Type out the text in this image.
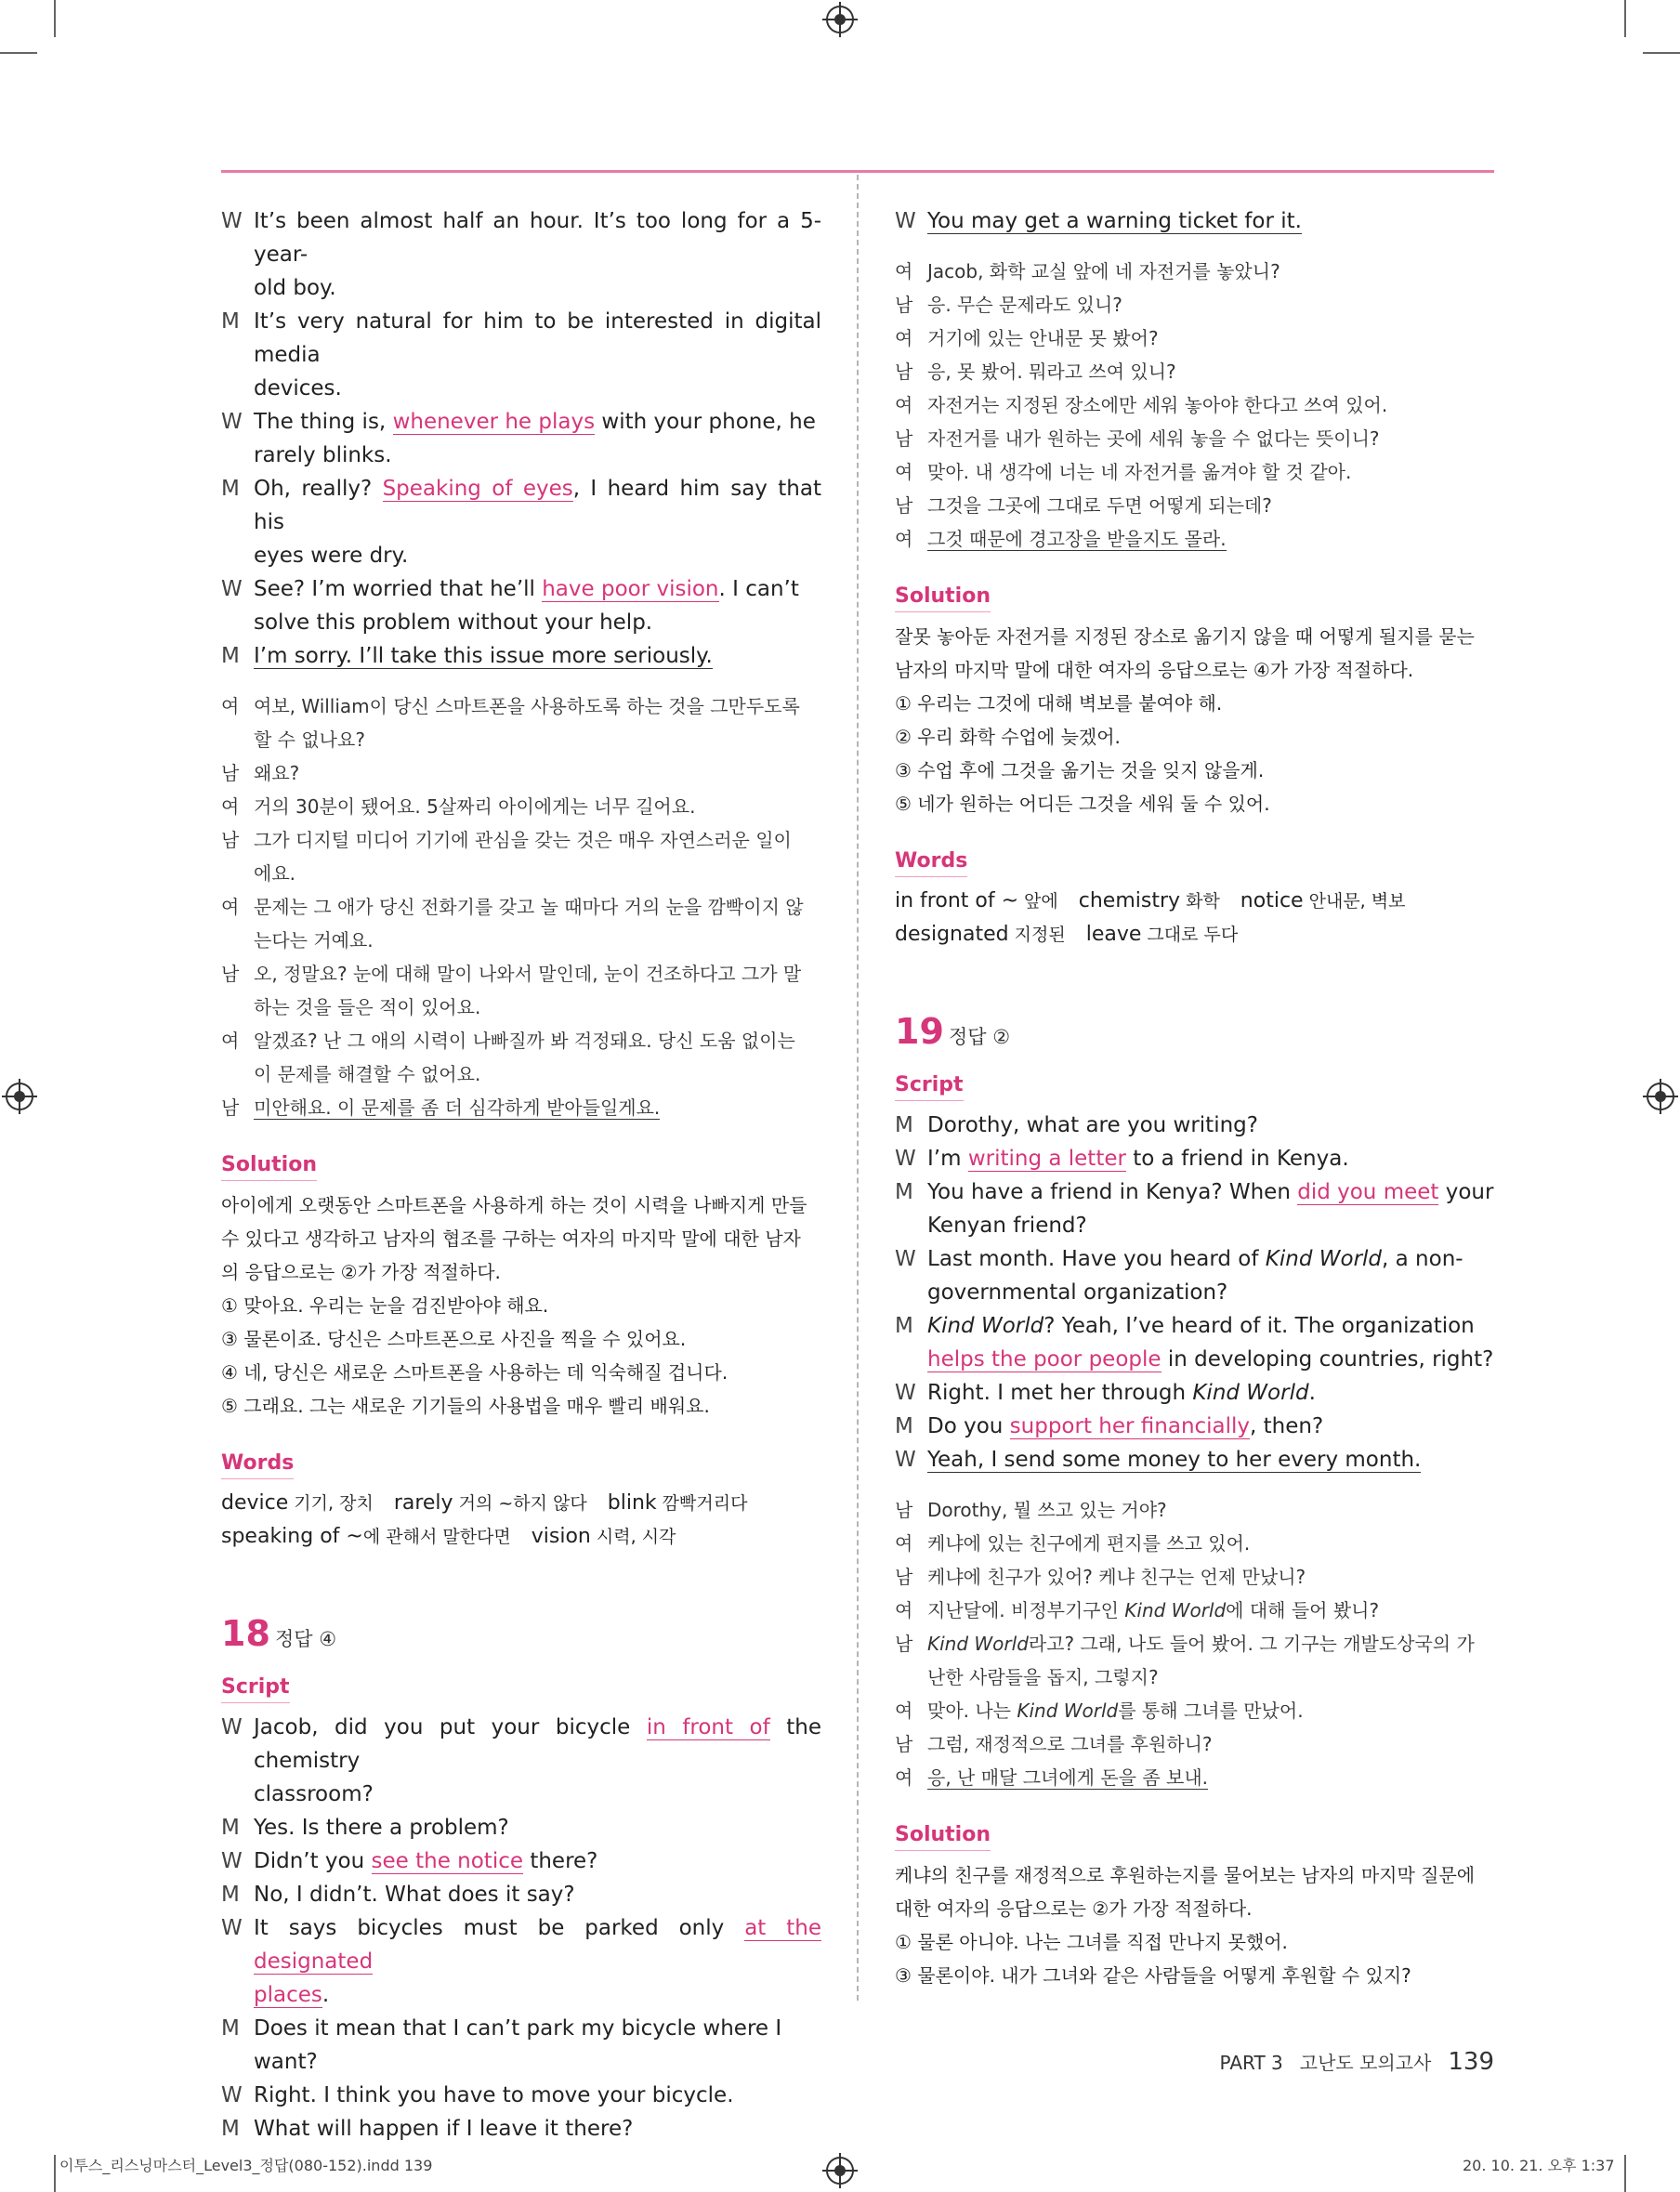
W It’s been almost half an hour. It’s too long for a 5-year-
old boy.
M It’s very natural for him to be interested in digital media
devices.
W The thing is, whenever he plays with your phone, he
rarely blinks.
M Oh, really? Speaking of eyes, I heard him say that his
eyes were dry.
W See? I’m worried that he’ll have poor vision. I can’t
solve this problem without your help.
M I’m sorry. I’ll take this issue more seriously.
여 여보, William이 당신 스마트폰을 사용하도록 하는 것을 그만두도록
할 수 없나요?
남 왜요?
여 거의 30분이 됐어요. 5살짜리 아이에게는 너무 길어요.
남 그가 디지털 미디어 기기에 관심을 갖는 것은 매우 자연스러운 일이
에요.
여 문제는 그 애가 당신 전화기를 갖고 놀 때마다 거의 눈을 깜빡이지 않
는다는 거예요.
남 오, 정말요? 눈에 대해 말이 나와서 말인데, 눈이 건조하다고 그가 말
하는 것을 들은 적이 있어요.
여 알겠죠? 난 그 애의 시력이 나빠질까 봐 걱정돼요. 당신 도움 없이는
이 문제를 해결할 수 없어요.
남 미안해요. 이 문제를 좀 더 심각하게 받아들일게요.
Solution
아이에게 오랫동안 스마트폰을 사용하게 하는 것이 시력을 나빠지게 만들
수 있다고 생각하고 남자의 협조를 구하는 여자의 마지막 말에 대한 남자
의 응답으로는 ②가 가장 적절하다.
① 맞아요. 우리는 눈을 검진받아야 해요.
③ 물론이죠. 당신은 스마트폰으로 사진을 찍을 수 있어요.
④ 네, 당신은 새로운 스마트폰을 사용하는 데 익숙해질 겁니다.
⑤ 그래요. 그는 새로운 기기들의 사용법을 매우 빨리 배워요.
Words
device 기기, 장치  rarely 거의 ~하지 않다  blink 깜빡거리다
speaking of ~에 관해서 말한다면  vision 시력, 시각
18 정답 ④
Script
W Jacob, did you put your bicycle in front of the chemistry
classroom?
M Yes. Is there a problem?
W Didn’t you see the notice there?
M No, I didn’t. What does it say?
W It says bicycles must be parked only at the designated
places.
M Does it mean that I can’t park my bicycle where I
want?
W Right. I think you have to move your bicycle.
M What will happen if I leave it there?
W You may get a warning ticket for it.
여 Jacob, 화학 교실 앞에 네 자전거를 놓았니?
남 응. 무슨 문제라도 있니?
여 거기에 있는 안내문 못 봤어?
남 응, 못 봤어. 뭐라고 쓰여 있니?
여 자전거는 지정된 장소에만 세워 놓아야 한다고 쓰여 있어.
남 자전거를 내가 원하는 곳에 세워 놓을 수 없다는 뜻이니?
여 맞아. 내 생각에 너는 네 자전거를 옮겨야 할 것 같아.
남 그것을 그곳에 그대로 두면 어떻게 되는데?
여 그것 때문에 경고장을 받을지도 몰라.
Solution
잘못 놓아둔 자전거를 지정된 장소로 옮기지 않을 때 어떻게 될지를 묻는
남자의 마지막 말에 대한 여자의 응답으로는 ④가 가장 적절하다.
① 우리는 그것에 대해 벽보를 붙여야 해.
② 우리 화학 수업에 늦겠어.
③ 수업 후에 그것을 옮기는 것을 잊지 않을게.
⑤ 네가 원하는 어디든 그것을 세워 둘 수 있어.
Words
in front of ~ 앞에  chemistry 화학  notice 안내문, 벽보
designated 지정된  leave 그대로 두다
19 정답 ②
Script
M Dorothy, what are you writing?
W I’m writing a letter to a friend in Kenya.
M You have a friend in Kenya? When did you meet your
Kenyan friend?
W Last month. Have you heard of Kind World, a non-
governmental organization?
M Kind World? Yeah, I’ve heard of it. The organization
helps the poor people in developing countries, right?
W Right. I met her through Kind World.
M Do you support her financially, then?
W Yeah, I send some money to her every month.
남 Dorothy, 뭘 쓰고 있는 거야?
여 케냐에 있는 친구에게 편지를 쓰고 있어.
남 케냐에 친구가 있어? 케냐 친구는 언제 만났니?
여 지난달에. 비정부기구인 Kind World에 대해 들어 봤니?
남 Kind World라고? 그래, 나도 들어 봤어. 그 기구는 개발도상국의 가
난한 사람들을 돕지, 그렇지?
여 맞아. 나는 Kind World를 통해 그녀를 만났어.
남 그럼, 재정적으로 그녀를 후원하니?
여 응, 난 매달 그녀에게 돈을 좀 보내.
Solution
케냐의 친구를 재정적으로 후원하는지를 물어보는 남자의 마지막 질문에
대한 여자의 응답으로는 ②가 가장 적절하다.
① 물론 아니야. 나는 그녀를 직접 만나지 못했어.
③ 물론이야. 내가 그녀와 같은 사람들을 어떻게 후원할 수 있지?
PART 3 고난도 모의고사 139
이투스_리스닝마스터_Level3_정답(080-152).indd 139	20. 10. 21. 오후 1:37
